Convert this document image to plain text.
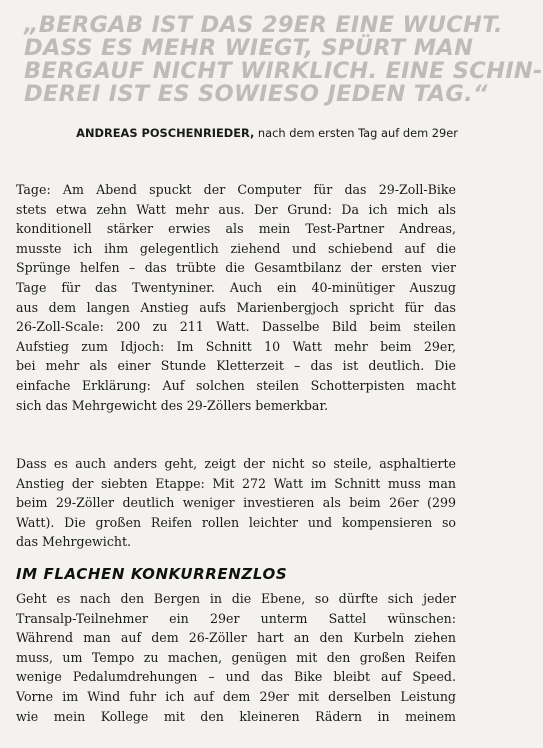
„BERGAB IST DAS 29ER EINE WUCHT.
DASS ES MEHR WIEGT, SPÜRT MAN
BERGAUF NICHT WIRKLICH. EINE SCHIN-
DEREI IST ES SOWIESO JEDEN TAG.“
ANDREAS POSCHENRIEDER, nach dem ersten Tag auf dem 29er
Tage: Am Abend spuckt der Computer für das 29-Zoll-Bike
stets etwa zehn Watt mehr aus. Der Grund: Da ich mich als
konditionell stärker erwies als mein Test-Partner Andreas,
musste ich ihm gelegentlich ziehend und schiebend auf die
Sprünge helfen – das trübte die Gesamtbilanz der ersten vier
Tage für das Twentyniner. Auch ein 40-minütiger Auszug
aus dem langen Anstieg aufs Marienbergjoch spricht für das
26-Zoll-Scale: 200 zu 211 Watt. Dasselbe Bild beim steilen
Aufstieg zum Idjoch: Im Schnitt 10 Watt mehr beim 29er,
bei mehr als einer Stunde Kletterzeit – das ist deutlich. Die
einfache Erklärung: Auf solchen steilen Schotterpisten macht
sich das Mehrgewicht des 29-Zöllers bemerkbar.
Dass es auch anders geht, zeigt der nicht so steile, asphaltierte
Anstieg der siebten Etappe: Mit 272 Watt im Schnitt muss man
beim 29-Zöller deutlich weniger investieren als beim 26er (299
Watt). Die großen Reifen rollen leichter und kompensieren so
das Mehrgewicht.
IM FLACHEN KONKURRENZLOS
Geht es nach den Bergen in die Ebene, so dürfte sich jeder
Transalp-Teilnehmer ein 29er unterm Sattel wünschen:
Während man auf dem 26-Zöller hart an den Kurbeln ziehen
muss, um Tempo zu machen, genügen mit den großen Reifen
wenige Pedalumdrehungen – und das Bike bleibt auf Speed.
Vorne im Wind fuhr ich auf dem 29er mit derselben Leistung
wie mein Kollege mit den kleineren Rädern in meinem
